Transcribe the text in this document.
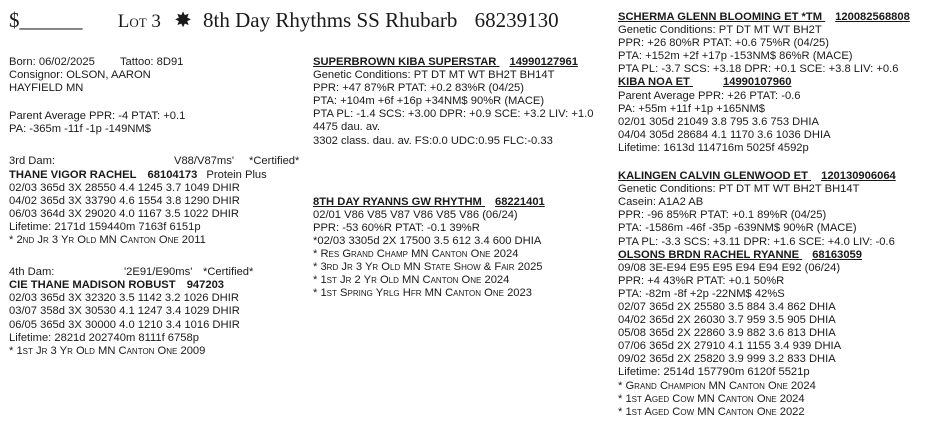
$______ Lot 3 ✸ 8th Day Rhythms SS Rhubarb 68239130
Born: 06/02/2025 Tattoo: 8D91
Consignor: OLSON, AARON
HAYFIELD MN
Parent Average PPR: -4 PTAT: +0.1
PA: -365m -11f -1p -149NM$
3rd Dam:	V88/V87ms' *Certified*
THANE VIGOR RACHEL 68104173 Protein Plus
02/03 365d 3X 28550 4.4 1245 3.7 1049 DHIR
04/02 365d 3X 33790 4.6 1554 3.8 1290 DHIR
06/03 364d 3X 29020 4.0 1167 3.5 1022 DHIR
Lifetime: 2171d 159440m 7163f 6151p
* 2nd Jr 3 Yr Old MN Canton One 2011
4th Dam:	'2E91/E90ms' *Certified*
CIE THANE MADISON ROBUST 947203
02/03 365d 3X 32320 3.5 1142 3.2 1026 DHIR
03/07 358d 3X 30530 4.1 1247 3.4 1029 DHIR
06/05 365d 3X 30000 4.0 1210 3.4 1016 DHIR
Lifetime: 2821d 202740m 8111f 6758p
* 1st Jr 3 Yr Old MN Canton One 2009
SUPERBROWN KIBA SUPERSTAR 14990127961
Genetic Conditions: PT DT MT WT BH2T BH14T
PPR: +47 87%R PTAT: +0.2 83%R (04/25)
PTA: +104m +6f +16p +34NM$ 90%R (MACE)
PTA PL: -1.4 SCS: +3.00 DPR: +0.9 SCE: +3.2 LIV: +1.0
4475 dau. av.
3302 class. dau. av. FS:0.0 UDC:0.95 FLC:-0.33
8TH DAY RYANNS GW RHYTHM 68221401
02/01 V86 V85 V87 V86 V85 V86 (06/24)
PPR: -53 60%R PTAT: -0.1 39%R
*02/03 3305d 2X 17500 3.5 612 3.4 600 DHIA
* Res Grand Champ MN Canton One 2024
* 3rd Jr 3 Yr Old MN State Show & Fair 2025
* 1st Jr 2 Yr Old MN Canton One 2024
* 1st Spring Yrlg Hfr MN Canton One 2023
SCHERMA GLENN BLOOMING ET *TM 120082568808
Genetic Conditions: PT DT MT WT BH2T
PPR: +26 80%R PTAT: +0.6 75%R (04/25)
PTA: +152m +2f +17p -153NM$ 86%R (MACE)
PTA PL: -3.7 SCS: +3.18 DPR: +0.1 SCE: +3.8 LIV: +0.6
KIBA NOA ET	14990107960
Parent Average PPR: +26 PTAT: -0.6
PA: +55m +11f +1p +165NM$
02/01 305d 21049 3.8 795 3.6 753 DHIA
04/04 305d 28684 4.1 1170 3.6 1036 DHIA
Lifetime: 1613d 114716m 5025f 4592p
KALINGEN CALVIN GLENWOOD ET 120130906064
Genetic Conditions: PT DT MT WT BH2T BH14T
Casein: A1A2 AB
PPR: -96 85%R PTAT: +0.1 89%R (04/25)
PTA: -1586m -46f -35p -639NM$ 90%R (MACE)
PTA PL: -3.3 SCS: +3.11 DPR: +1.6 SCE: +4.0 LIV: -0.6
OLSONS BRDN RACHEL RYANNE 68163059
09/08 3E-E94 E95 E95 E94 E94 E92 (06/24)
PPR: +4 43%R PTAT: +0.1 50%R
PTA: -82m -8f +2p -22NM$ 42%S
02/07 365d 2X 25580 3.5 884 3.4 862 DHIA
04/02 365d 2X 26030 3.7 959 3.5 905 DHIA
05/08 365d 2X 22860 3.9 882 3.6 813 DHIA
07/06 365d 2X 27910 4.1 1155 3.4 939 DHIA
09/02 365d 2X 25820 3.9 999 3.2 833 DHIA
Lifetime: 2514d 157790m 6120f 5521p
* Grand Champion MN Canton One 2024
* 1st Aged Cow MN Canton One 2024
* 1st Aged Cow MN Canton One 2022
